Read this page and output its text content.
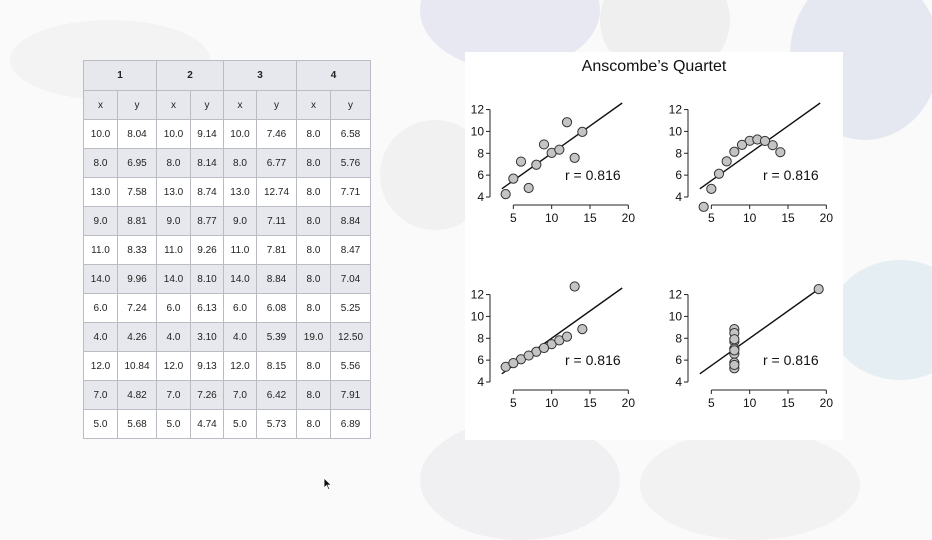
1		2		3		4	
x	y	x	y	x	y	x	y
10.0	8.04	10.0	9.14	10.0	7.46	8.0	6.58
8.0	6.95	8.0	8.14	8.0	6.77	8.0	5.76
13.0	7.58	13.0	8.74	13.0	12.74	8.0	7.71
9.0	8.81	9.0	8.77	9.0	7.11	8.0	8.84
11.0	8.33	11.0	9.26	11.0	7.81	8.0	8.47
14.0	9.96	14.0	8.10	14.0	8.84	8.0	7.04
6.0	7.24	6.0	6.13	6.0	6.08	8.0	5.25
4.0	4.26	4.0	3.10	4.0	5.39	19.0	12.50
12.0	10.84	12.0	9.13	12.0	8.15	8.0	5.56
7.0	4.82	7.0	7.26	7.0	6.42	8.0	7.91
5.0	5.68	5.0	4.74	5.0	5.73	8.0	6.89
5 10 15 20
4
6
8
10
12
r = 0.816
5 10 15 20
4
6
8
10
12
r = 0.816
5 10 15 20
4
6
8
10
12
r = 0.816
5 10 15 20
4
6
8
10
12
r = 0.816
Anscombe’s Quartet
